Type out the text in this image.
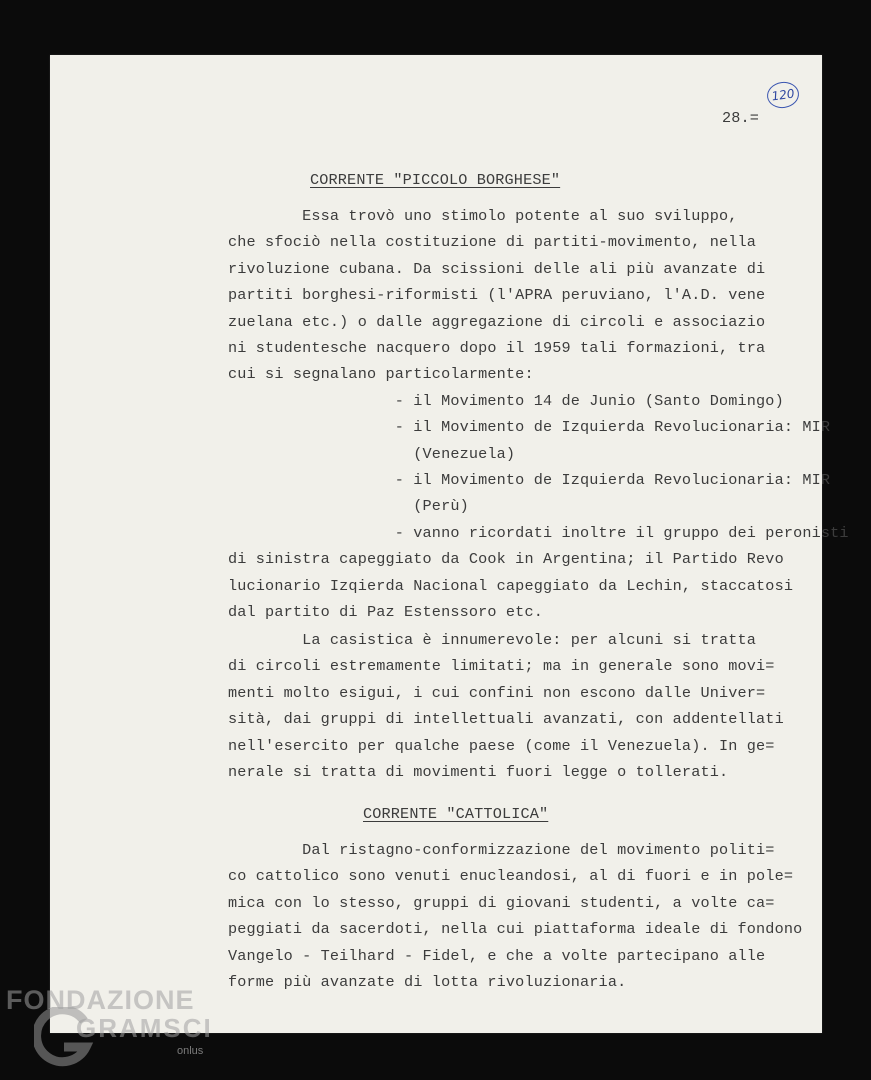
120
28.=
CORRENTE "PICCOLO BORGHESE"
Essa trovò uno stimolo potente al suo sviluppo,
che sfociò nella costituzione di partiti-movimento, nella
rivoluzione cubana. Da scissioni delle ali più avanzate di
partiti borghesi-riformisti (l'APRA peruviano, l'A.D. vene
zuelana etc.) o dalle aggregazione di circoli e associazio
ni studentesche nacquero dopo il 1959 tali formazioni, tra
cui si segnalano particolarmente:
- il Movimento 14 de Junio (Santo Domingo)
- il Movimento de Izquierda Revolucionaria: MIR
(Venezuela)
- il Movimento de Izquierda Revolucionaria: MIR
(Perù)
- vanno ricordati inoltre il gruppo dei peronisti
di sinistra capeggiato da Cook in Argentina; il Partido Revo
lucionario Izqierda Nacional capeggiato da Lechin, staccatosi
dal partito di Paz Estenssoro etc.
La casistica è innumerevole: per alcuni si tratta
di circoli estremamente limitati; ma in generale sono movi=
menti molto esigui, i cui confini non escono dalle Univer=
sità, dai gruppi di intellettuali avanzati, con addentellati
nell'esercito per qualche paese (come il Venezuela). In ge=
nerale si tratta di movimenti fuori legge o tollerati.
CORRENTE "CATTOLICA"
Dal ristagno-conformizzazione del movimento politi=
co cattolico sono venuti enucleandosi, al di fuori e in pole=
mica con lo stesso, gruppi di giovani studenti, a volte ca=
peggiati da sacerdoti, nella cui piattaforma ideale di fondono
Vangelo - Teilhard - Fidel, e che a volte partecipano alle
forme più avanzate di lotta rivoluzionaria.
FONDAZIONE
GRAMSCI
onlus
